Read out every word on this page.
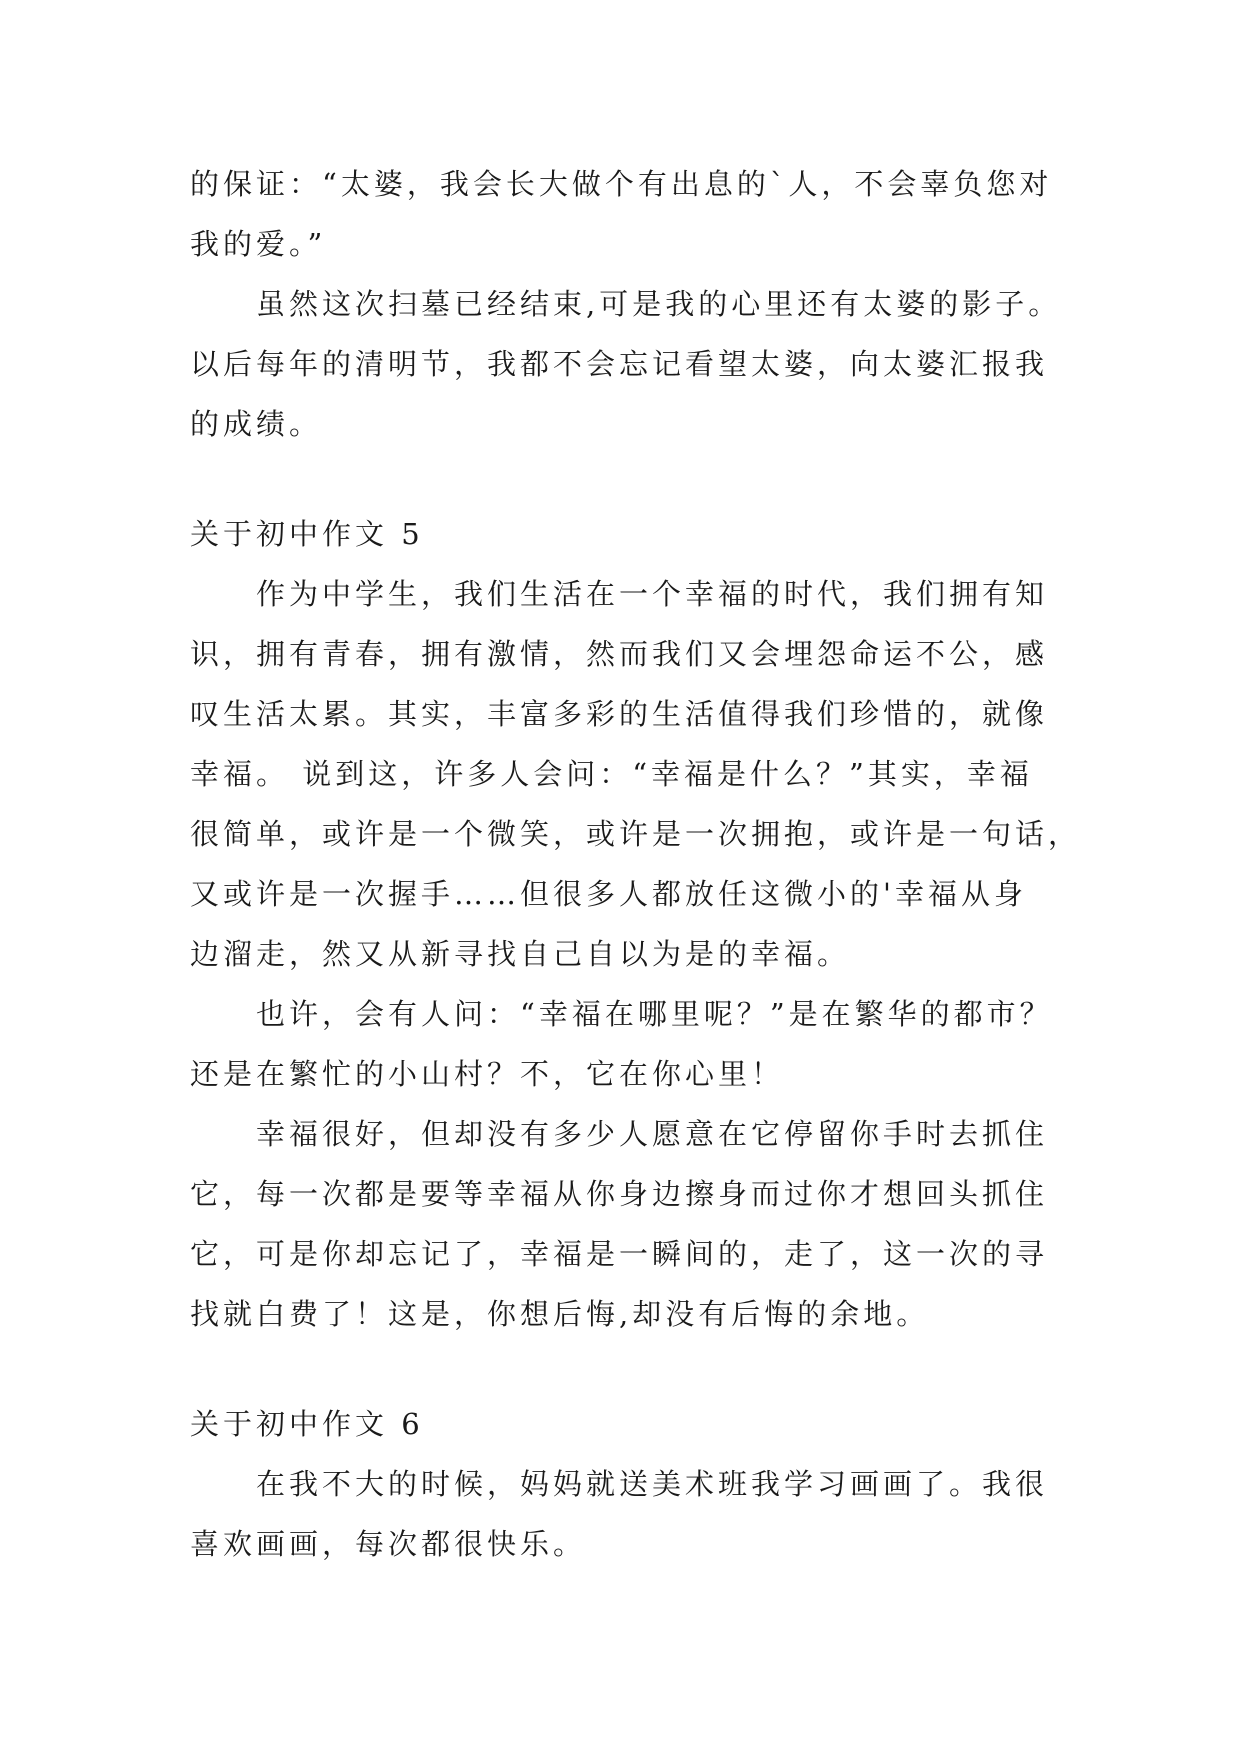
的保证：“太婆，我会长大做个有出息的`人，不会辜负您对
我的爱。”
虽然这次扫墓已经结束,可是我的心里还有太婆的影子。
以后每年的清明节，我都不会忘记看望太婆，向太婆汇报我
的成绩。
关于初中作文 5
作为中学生，我们生活在一个幸福的时代，我们拥有知
识，拥有青春，拥有激情，然而我们又会埋怨命运不公，感
叹生活太累。其实，丰富多彩的生活值得我们珍惜的，就像
幸福。 说到这，许多人会问：“幸福是什么？”其实，幸福
很简单，或许是一个微笑，或许是一次拥抱，或许是一句话，
又或许是一次握手……但很多人都放任这微小的'幸福从身
边溜走，然又从新寻找自己自以为是的幸福。
也许，会有人问：“幸福在哪里呢？”是在繁华的都市？
还是在繁忙的小山村？不，它在你心里！
幸福很好，但却没有多少人愿意在它停留你手时去抓住
它，每一次都是要等幸福从你身边擦身而过你才想回头抓住
它，可是你却忘记了，幸福是一瞬间的，走了，这一次的寻
找就白费了！这是，你想后悔,却没有后悔的余地。
关于初中作文 6
在我不大的时候，妈妈就送美术班我学习画画了。我很
喜欢画画，每次都很快乐。
